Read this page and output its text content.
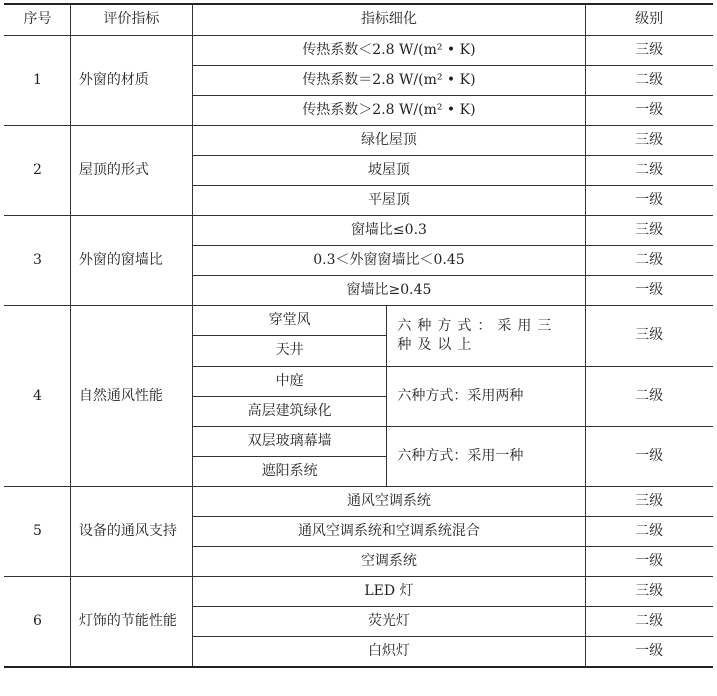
序号	评价指标	指标细化		级别
1	外窗的材质	传热系数＜2.8 W/(m² • K)		三级
		传热系数＝2.8 W/(m² • K)		二级
		传热系数＞2.8 W/(m² • K)		一级
2	屋顶的形式	绿化屋顶		三级
		坡屋顶		二级
		平屋顶		一级
3	外窗的窗墙比	窗墙比≤0.3		三级
		0.3＜外窗窗墙比＜0.45		二级
		窗墙比≥0.45		一级
4	自然通风性能	穿堂风	六种方式：采用三种及以上	三级
		天井		
		中庭	六种方式：采用两种	二级
		高层建筑绿化		
		双层玻璃幕墙	六种方式：采用一种	一级
		遮阳系统		
5	设备的通风支持	通风空调系统		三级
		通风空调系统和空调系统混合		二级
		空调系统		一级
6	灯饰的节能性能	LED 灯		三级
		荧光灯		二级
		白炽灯		一级
